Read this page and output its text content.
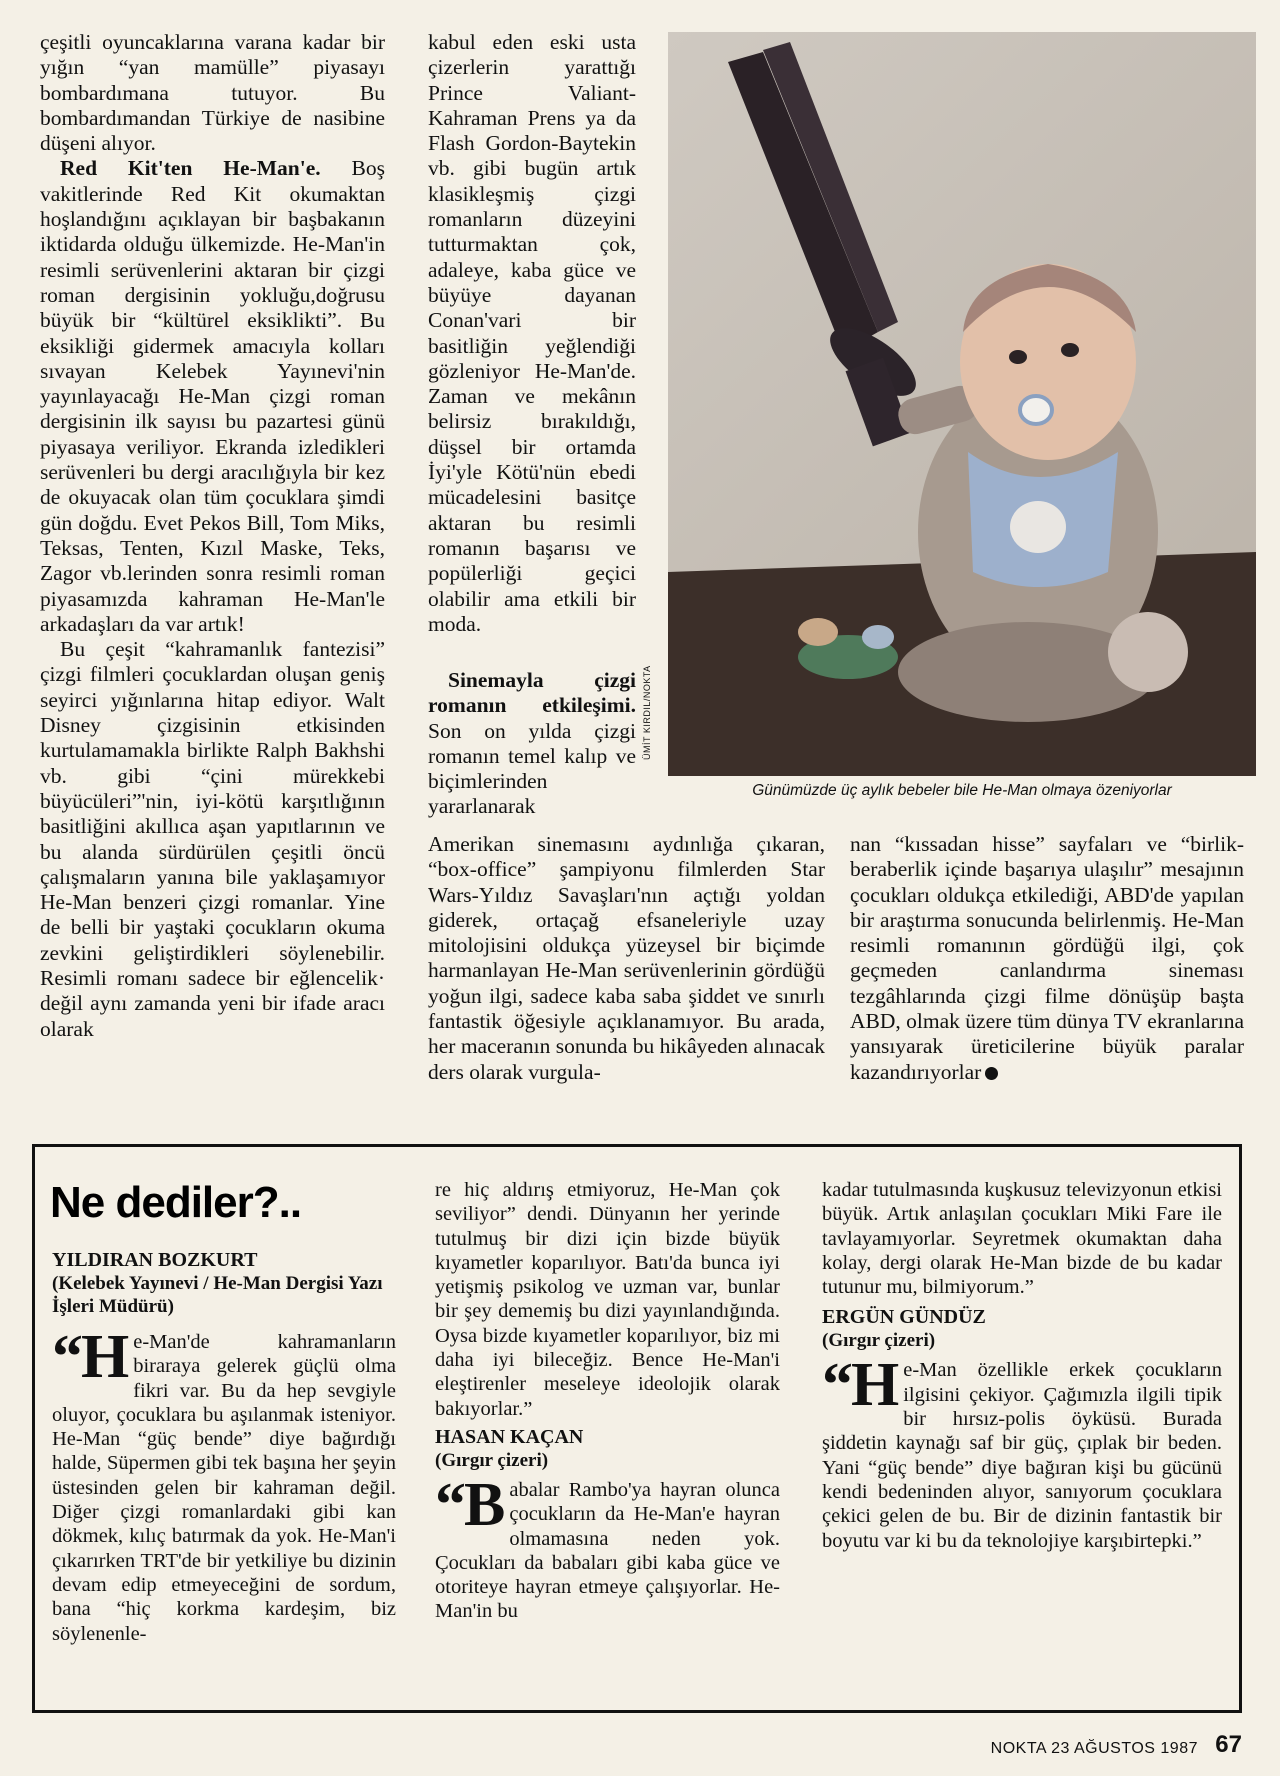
çeşitli oyuncaklarına varana kadar bir yığın “yan mamülle” piyasayı bombardımana tutuyor. Bu bombardımandan Türkiye de nasibine düşeni alıyor.

Red Kit'ten He-Man'e. Boş vakitlerinde Red Kit okumaktan hoşlandığını açıklayan bir başbakanın iktidarda olduğu ülkemizde. He-Man'in resimli serüvenlerini aktaran bir çizgi roman dergisinin yokluğu,doğrusu büyük bir “kültürel eksiklikti”. Bu eksikliği gidermek amacıyla kolları sıvayan Kelebek Yayınevi'nin yayınlayacağı He-Man çizgi roman dergisinin ilk sayısı bu pazartesi günü piyasaya veriliyor. Ekranda izledikleri serüvenleri bu dergi aracılığıyla bir kez de okuyacak olan tüm çocuklara şimdi gün doğdu. Evet Pekos Bill, Tom Miks, Teksas, Tenten, Kızıl Maske, Teks, Zagor vb.lerinden sonra resimli roman piyasamızda kahraman He-Man'le arkadaşları da var artık!

Bu çeşit “kahramanlık fantezisi” çizgi filmleri çocuklardan oluşan geniş seyirci yığınlarına hitap ediyor. Walt Disney çizgisinin etkisinden kurtulamamakla birlikte Ralph Bakhshi vb. gibi “çini mürekkebi büyücüleri”'nin, iyi-kötü karşıtlığının basitliğini akıllıca aşan yapıtlarının ve bu alanda sürdürülen çeşitli öncü çalışmaların yanına bile yaklaşamıyor He-Man benzeri çizgi romanlar. Yine de belli bir yaştaki çocukların okuma zevkini geliştirdikleri söylenebilir. Resimli romanı sadece bir eğlencelik· değil aynı zamanda yeni bir ifade aracı olarak

kabul eden eski usta çizerlerin yarattığı Prince Valiant-Kahraman Prens ya da Flash Gordon-Baytekin vb. gibi bugün artık klasikleşmiş çizgi romanların düzeyini tutturmaktan çok, adaleye, kaba güce ve büyüye dayanan Conan'vari bir basitliğin yeğlendiği gözleniyor He-Man'de. Zaman ve mekânın belirsiz bırakıldığı, düşsel bir ortamda İyi'yle Kötü'nün ebedi mücadelesini basitçe aktaran bu resimli romanın başarısı ve popülerliği geçici olabilir ama etkili bir moda.

Sinemayla çizgi romanın etkileşimi. Son on yılda çizgi romanın temel kalıp ve biçimlerinden yararlanarak

ÜMİT KIRDIL/NOKTA
Günümüzde üç aylık bebeler bile He-Man olmaya özeniyorlar

Amerikan sinemasını aydınlığa çıkaran, “box-office” şampiyonu filmlerden Star Wars-Yıldız Savaşları'nın açtığı yoldan giderek, ortaçağ efsaneleriyle uzay mitolojisini oldukça yüzeysel bir biçimde harmanlayan He-Man serüvenlerinin gördüğü yoğun ilgi, sadece kaba saba şiddet ve sınırlı fantastik öğesiyle açıklanamıyor. Bu arada, her maceranın sonunda bu hikâyeden alınacak ders olarak vurgula-

nan “kıssadan hisse” sayfaları ve “birlik-beraberlik içinde başarıya ulaşılır” mesajının çocukları oldukça etkilediği, ABD'de yapılan bir araştırma sonucunda belirlenmiş. He-Man resimli romanının gördüğü ilgi, çok geçmeden canlandırma sineması tezgâhlarında çizgi filme dönüşüp başta ABD, olmak üzere tüm dünya TV ekranlarına yansıyarak üreticilerine büyük paralar kazandırıyorlar

Ne dediler?..
YILDIRAN BOZKURT
(Kelebek Yayınevi / He-Man Dergisi Yazı İşleri Müdürü)

“He-Man'de kahramanların biraraya gelerek güçlü olma fikri var. Bu da hep sevgiyle oluyor, çocuklara bu aşılanmak isteniyor. He-Man “güç bende” diye bağırdığı halde, Süpermen gibi tek başına her şeyin üstesinden gelen bir kahraman değil. Diğer çizgi romanlardaki gibi kan dökmek, kılıç batırmak da yok. He-Man'i çıkarırken TRT'de bir yetkiliye bu dizinin devam edip etmeyeceğini de sordum, bana “hiç korkma kardeşim, biz söylenenle-

re hiç aldırış etmiyoruz, He-Man çok seviliyor” dendi. Dünyanın her yerinde tutulmuş bir dizi için bizde büyük kıyametler koparılıyor. Batı'da bunca iyi yetişmiş psikolog ve uzman var, bunlar bir şey dememiş bu dizi yayınlandığında. Oysa bizde kıyametler koparılıyor, biz mi daha iyi bileceğiz. Bence He-Man'i eleştirenler meseleye ideolojik olarak bakıyorlar.”

HASAN KAÇAN
(Gırgır çizeri)

“Babalar Rambo'ya hayran olunca çocukların da He-Man'e hayran olmamasına neden yok. Çocukları da babaları gibi kaba güce ve otoriteye hayran etmeye çalışıyorlar. He-Man'in bu

kadar tutulmasında kuşkusuz televizyonun etkisi büyük. Artık anlaşılan çocukları Miki Fare ile tavlayamıyorlar. Seyretmek okumaktan daha kolay, dergi olarak He-Man bizde de bu kadar tutunur mu, bilmiyorum.”

ERGÜN GÜNDÜZ
(Gırgır çizeri)

“He-Man özellikle erkek çocukların ilgisini çekiyor. Çağımızla ilgili tipik bir hırsız-polis öyküsü. Burada şiddetin kaynağı saf bir güç, çıplak bir beden. Yani “güç bende” diye bağıran kişi bu gücünü kendi bedeninden alıyor, sanıyorum çocuklara çekici gelen de bu. Bir de dizinin fantastik bir boyutu var ki bu da teknolojiye karşıbirtepki.”

NOKTA 23 AĞUSTOS 1987 67
